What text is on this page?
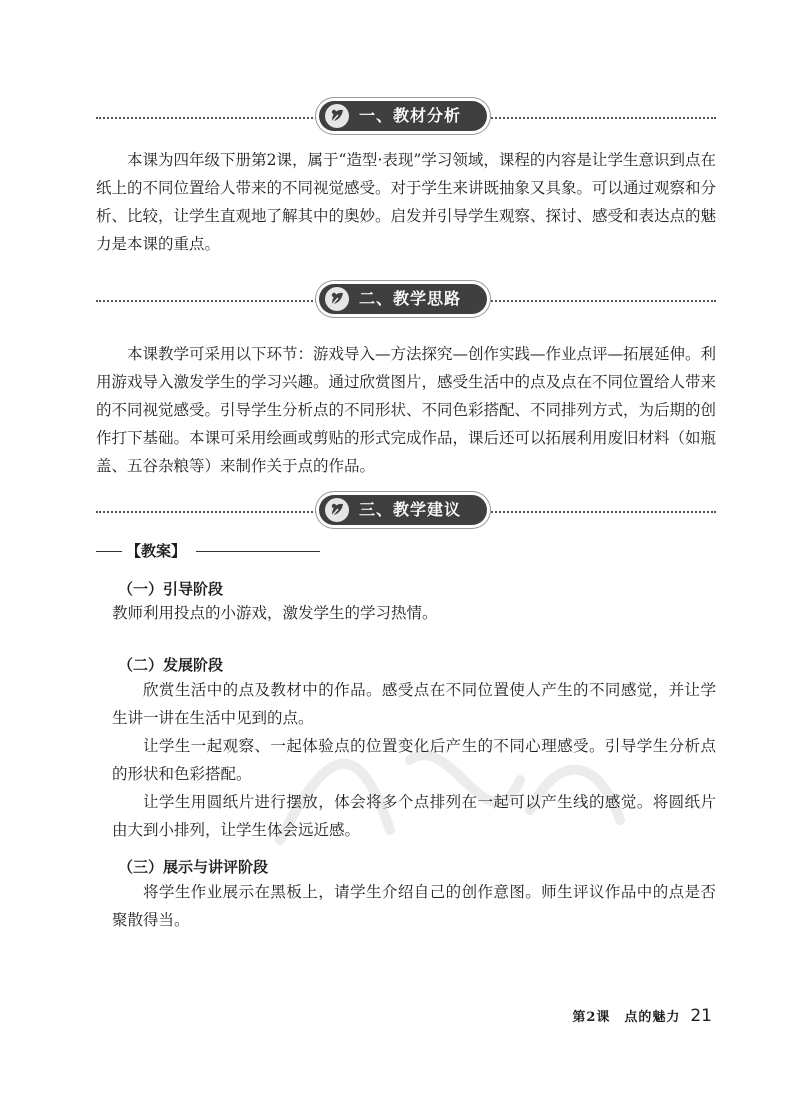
一、教材分析

本课为四年级下册第2课，属于“造型·表现”学习领域，课程的内容是让学生意识到点在纸上的不同位置给人带来的不同视觉感受。对于学生来讲既抽象又具象。可以通过观察和分析、比较，让学生直观地了解其中的奥妙。启发并引导学生观察、探讨、感受和表达点的魅力是本课的重点。

二、教学思路

本课教学可采用以下环节：游戏导入—方法探究—创作实践—作业点评—拓展延伸。利用游戏导入激发学生的学习兴趣。通过欣赏图片，感受生活中的点及点在不同位置给人带来的不同视觉感受。引导学生分析点的不同形状、不同色彩搭配、不同排列方式，为后期的创作打下基础。本课可采用绘画或剪贴的形式完成作品，课后还可以拓展利用废旧材料（如瓶盖、五谷杂粮等）来制作关于点的作品。

三、教学建议
【教案】
（一）引导阶段

教师利用投点的小游戏，激发学生的学习热情。

（二）发展阶段

欣赏生活中的点及教材中的作品。感受点在不同位置使人产生的不同感觉，并让学生讲一讲在生活中见到的点。

让学生一起观察、一起体验点的位置变化后产生的不同心理感受。引导学生分析点的形状和色彩搭配。

让学生用圆纸片进行摆放，体会将多个点排列在一起可以产生线的感觉。将圆纸片由大到小排列，让学生体会远近感。

（三）展示与讲评阶段

将学生作业展示在黑板上，请学生介绍自己的创作意图。师生评议作品中的点是否聚散得当。

第2课　点的魅力 21
